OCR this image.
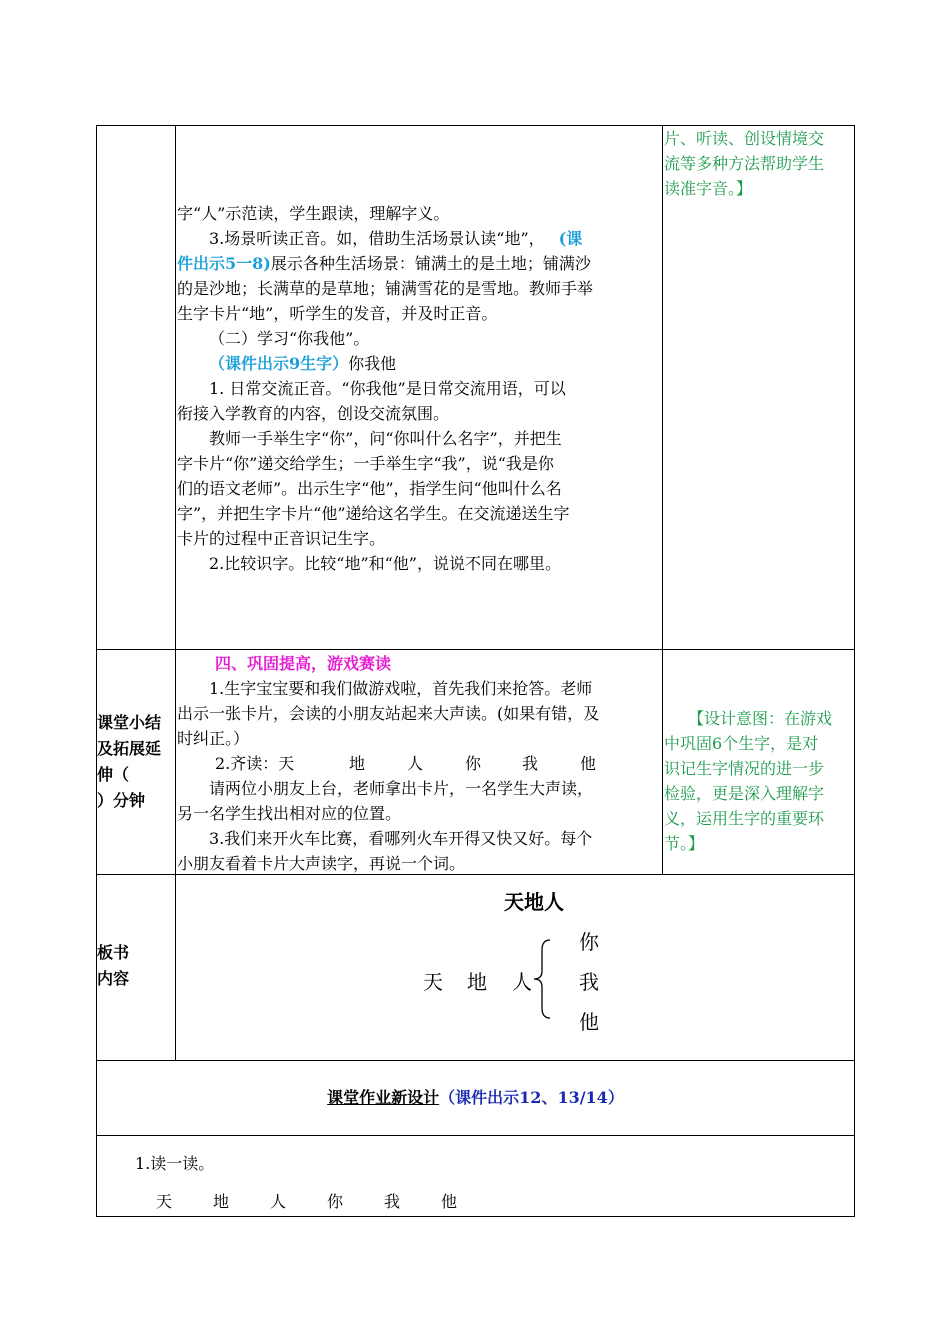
字“人”示范读，学生跟读，理解字义。
3.场景听读正音。如，借助生活场景认读“地”， (课
件出示5一8)展示各种生活场景：铺满土的是土地；铺满沙
的是沙地；长满草的是草地；铺满雪花的是雪地。教师手举
生字卡片“地”，听学生的发音，并及时正音。
（二）学习“你我他”。
（课件出示9生字）你我他
1. 日常交流正音。“你我他”是日常交流用语，可以
衔接入学教育的内容，创设交流氛围。
教师一手举生字“你”，问“你叫什么名字”，并把生
字卡片“你”递交给学生；一手举生字“我”，说“我是你
们的语文老师”。出示生字“他”，指学生问“他叫什么名
字”，并把生字卡片“他”递给这名学生。在交流递送生字
卡片的过程中正音识记生字。
2.比较识字。比较“地”和“他”，说说不同在哪里。
片、听读、创设情境交
流等多种方法帮助学生
读准字音。】
课堂小结
及拓展延
伸（
）分钟
四、巩固提高，游戏赛读
1.生字宝宝要和我们做游戏啦，首先我们来抢答。老师
出示一张卡片，会读的小朋友站起来大声读。(如果有错，及
时纠正。）
2.齐读：天	地	人	你	我	他
请两位小朋友上台，老师拿出卡片，一名学生大声读，
另一名学生找出相对应的位置。
3.我们来开火车比赛，看哪列火车开得又快又好。每个
小朋友看着卡片大声读字，再说一个词。
【设计意图：在游戏
中巩固6个生字，是对
识记生字情况的进一步
检验，更是深入理解字
义，运用生字的重要环
节。】
板书
内容
天地人
天 地 人
你
我
他
课堂作业新设计（课件出示12、13/14）
1.读一读。
天	地	人	你	我	他
